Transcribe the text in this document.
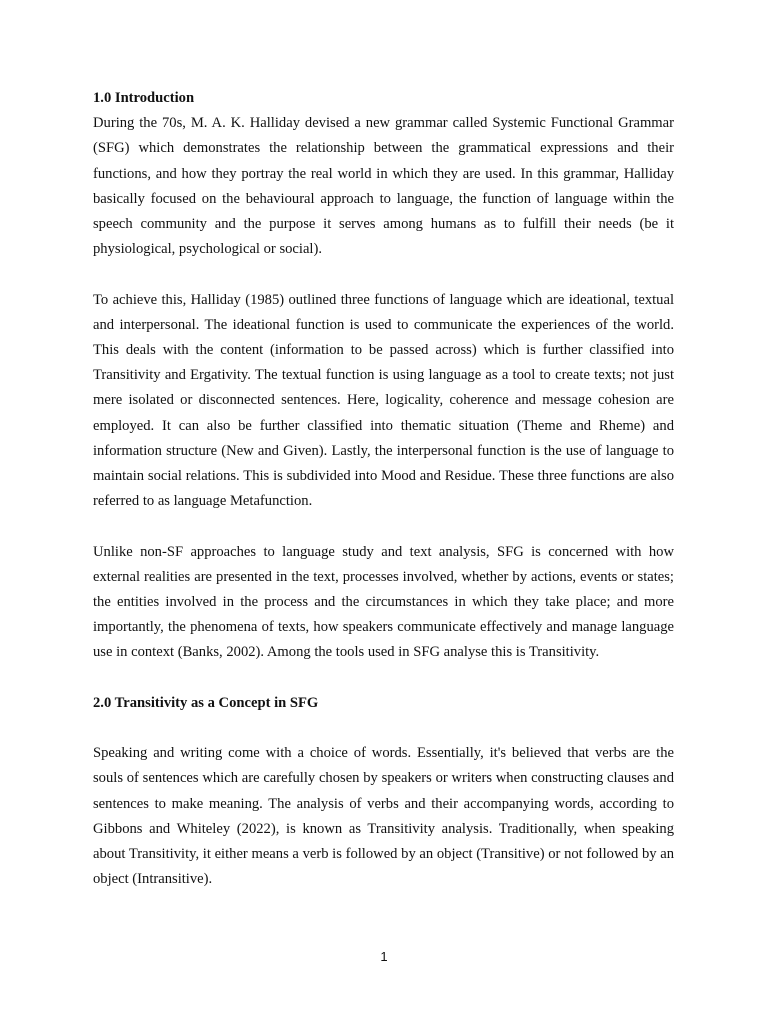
1.0 Introduction

During the 70s, M. A. K. Halliday devised a new grammar called Systemic Functional Grammar (SFG) which demonstrates the relationship between the grammatical expressions and their functions, and how they portray the real world in which they are used. In this grammar, Halliday basically focused on the behavioural approach to language, the function of language within the speech community and the purpose it serves among humans as to fulfill their needs (be it physiological, psychological or social).

To achieve this, Halliday (1985) outlined three functions of language which are ideational, textual and interpersonal. The ideational function is used to communicate the experiences of the world. This deals with the content (information to be passed across) which is further classified into Transitivity and Ergativity. The textual function is using language as a tool to create texts; not just mere isolated or disconnected sentences. Here, logicality, coherence and message cohesion are employed. It can also be further classified into thematic situation (Theme and Rheme) and information structure (New and Given). Lastly, the interpersonal function is the use of language to maintain social relations. This is subdivided into Mood and Residue. These three functions are also referred to as language Metafunction.

Unlike non-SF approaches to language study and text analysis, SFG is concerned with how external realities are presented in the text, processes involved, whether by actions, events or states; the entities involved in the process and the circumstances in which they take place; and more importantly, the phenomena of texts, how speakers communicate effectively and manage language use in context (Banks, 2002). Among the tools used in SFG analyse this is Transitivity.

2.0 Transitivity as a Concept in SFG

Speaking and writing come with a choice of words. Essentially, it's believed that verbs are the souls of sentences which are carefully chosen by speakers or writers when constructing clauses and sentences to make meaning. The analysis of verbs and their accompanying words, according to Gibbons and Whiteley (2022), is known as Transitivity analysis. Traditionally, when speaking about Transitivity, it either means a verb is followed by an object (Transitive) or not followed by an object (Intransitive).

1
